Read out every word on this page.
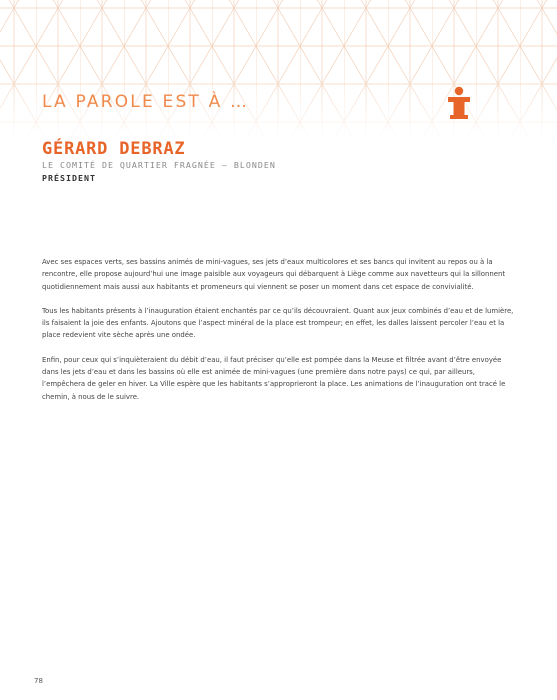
LA PAROLE EST À …
GÉRARD DEBRAZ
LE COMITÉ DE QUARTIER FRAGNÉE – BLONDEN
PRÉSIDENT

Avec ses espaces verts, ses bassins animés de mini-vagues, ses jets d’eaux multicolores et ses bancs qui invitent au repos ou à la rencontre, elle propose aujourd’hui une image paisible aux voyageurs qui débarquent à Liège comme aux navetteurs qui la sillonnent quotidiennement mais aussi aux habitants et promeneurs qui viennent se poser un moment dans cet espace de convivialité.

Tous les habitants présents à l’inauguration étaient enchantés par ce qu’ils découvraient. Quant aux jeux combinés d’eau et de lumière, ils faisaient la joie des enfants. Ajoutons que l’aspect minéral de la place est trompeur; en effet, les dalles laissent percoler l’eau et la place redevient vite sèche après une ondée.

Enfin, pour ceux qui s’inquièteraient du débit d’eau, il faut préciser qu’elle est pompée dans la Meuse et filtrée avant d’être envoyée dans les jets d’eau et dans les bassins où elle est animée de mini-vagues (une première dans notre pays) ce qui, par ailleurs, l’empêchera de geler en hiver. La Ville espère que les habitants s’approprieront la place. Les animations de l’inauguration ont tracé le chemin, à nous de le suivre.

78
